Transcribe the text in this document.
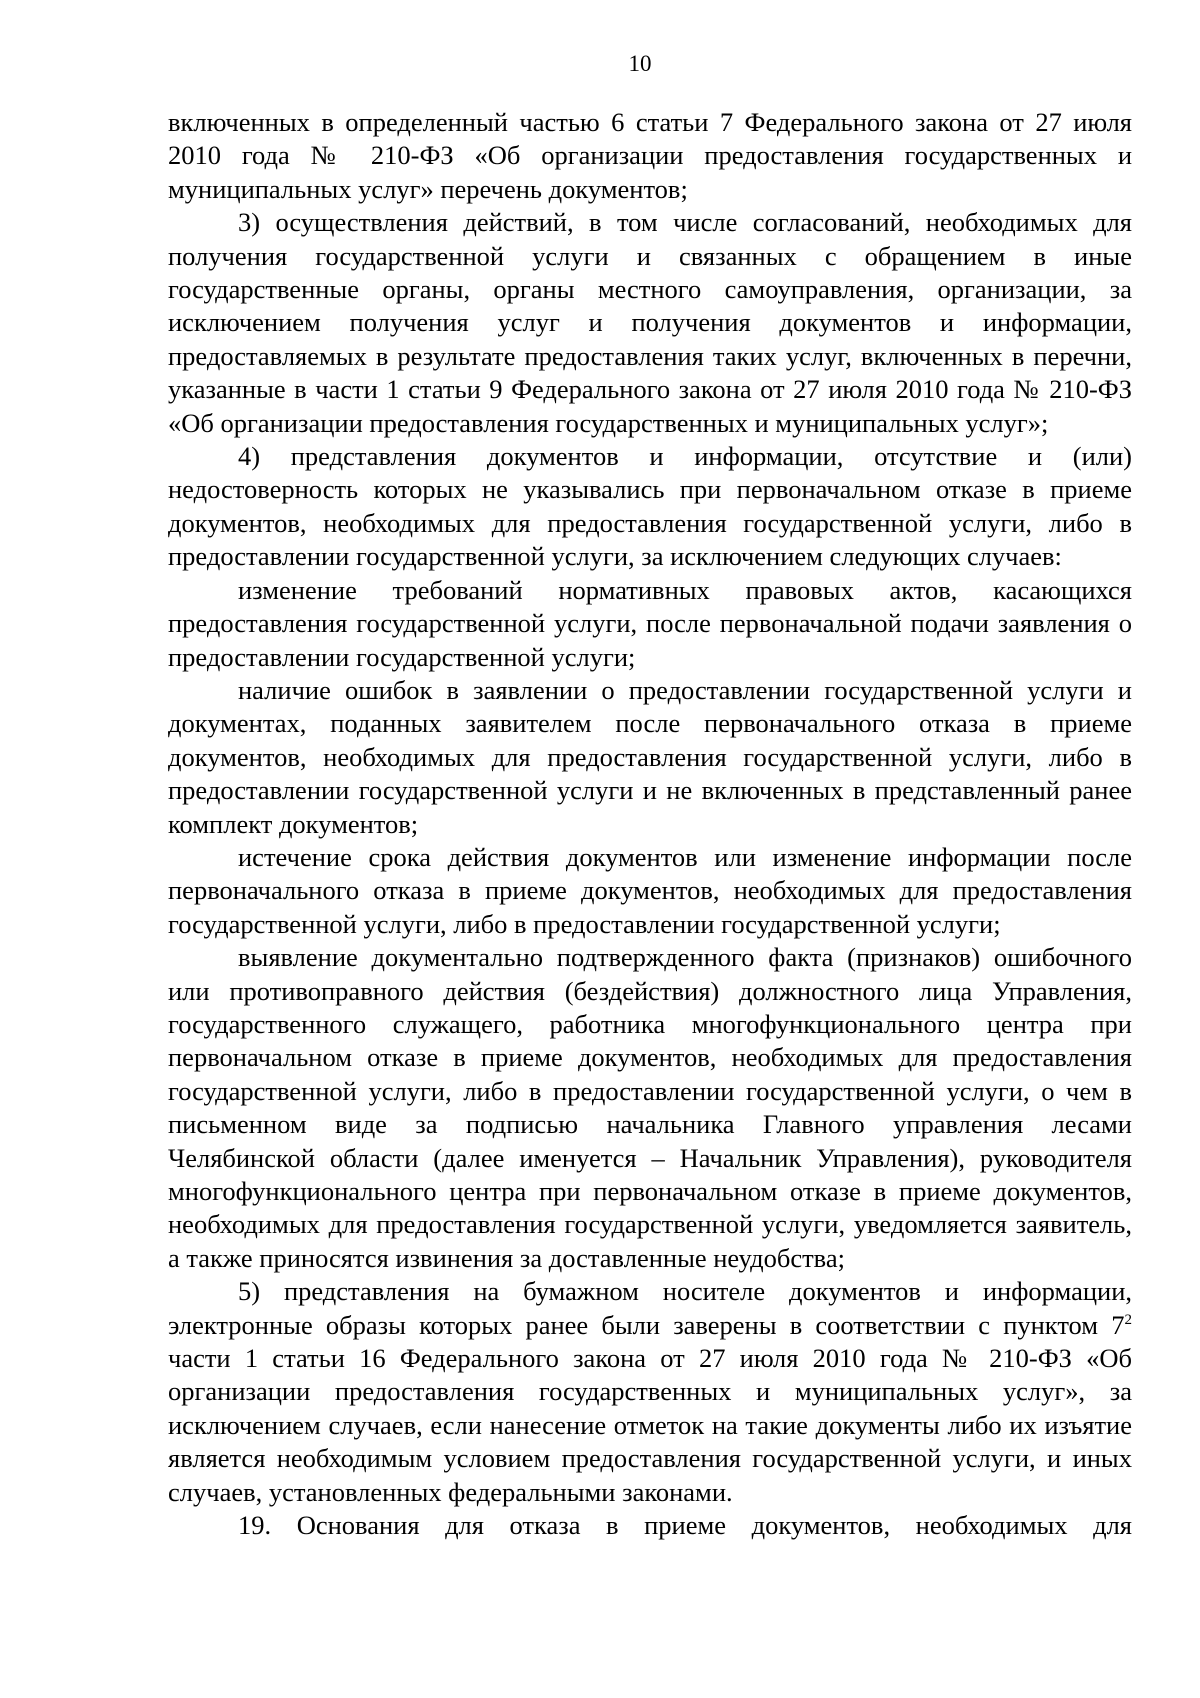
10

включенных в определенный частью 6 статьи 7 Федерального закона от 27 июля 2010 года № 210-ФЗ «Об организации предоставления государственных и муниципальных услуг» перечень документов;

3) осуществления действий, в том числе согласований, необходимых для получения государственной услуги и связанных с обращением в иные государственные органы, органы местного самоуправления, организации, за исключением получения услуг и получения документов и информации, предоставляемых в результате предоставления таких услуг, включенных в перечни, указанные в части 1 статьи 9 Федерального закона от 27 июля 2010 года № 210-ФЗ «Об организации предоставления государственных и муниципальных услуг»;

4) представления документов и информации, отсутствие и (или) недостоверность которых не указывались при первоначальном отказе в приеме документов, необходимых для предоставления государственной услуги, либо в предоставлении государственной услуги, за исключением следующих случаев:

изменение требований нормативных правовых актов, касающихся предоставления государственной услуги, после первоначальной подачи заявления о предоставлении государственной услуги;

наличие ошибок в заявлении о предоставлении государственной услуги и документах, поданных заявителем после первоначального отказа в приеме документов, необходимых для предоставления государственной услуги, либо в предоставлении государственной услуги и не включенных в представленный ранее комплект документов;

истечение срока действия документов или изменение информации после первоначального отказа в приеме документов, необходимых для предоставления государственной услуги, либо в предоставлении государственной услуги;

выявление документально подтвержденного факта (признаков) ошибочного или противоправного действия (бездействия) должностного лица Управления, государственного служащего, работника многофункционального центра при первоначальном отказе в приеме документов, необходимых для предоставления государственной услуги, либо в предоставлении государственной услуги, о чем в письменном виде за подписью начальника Главного управления лесами Челябинской области (далее именуется – Начальник Управления), руководителя многофункционального центра при первоначальном отказе в приеме документов, необходимых для предоставления государственной услуги, уведомляется заявитель, а также приносятся извинения за доставленные неудобства;

5) представления на бумажном носителе документов и информации, электронные образы которых ранее были заверены в соответствии с пунктом $7^2$ части 1 статьи 16 Федерального закона от 27 июля 2010 года № 210-ФЗ «Об организации предоставления государственных и муниципальных услуг», за исключением случаев, если нанесение отметок на такие документы либо их изъятие является необходимым условием предоставления государственной услуги, и иных случаев, установленных федеральными законами.

19. Основания для отказа в приеме документов, необходимых для
